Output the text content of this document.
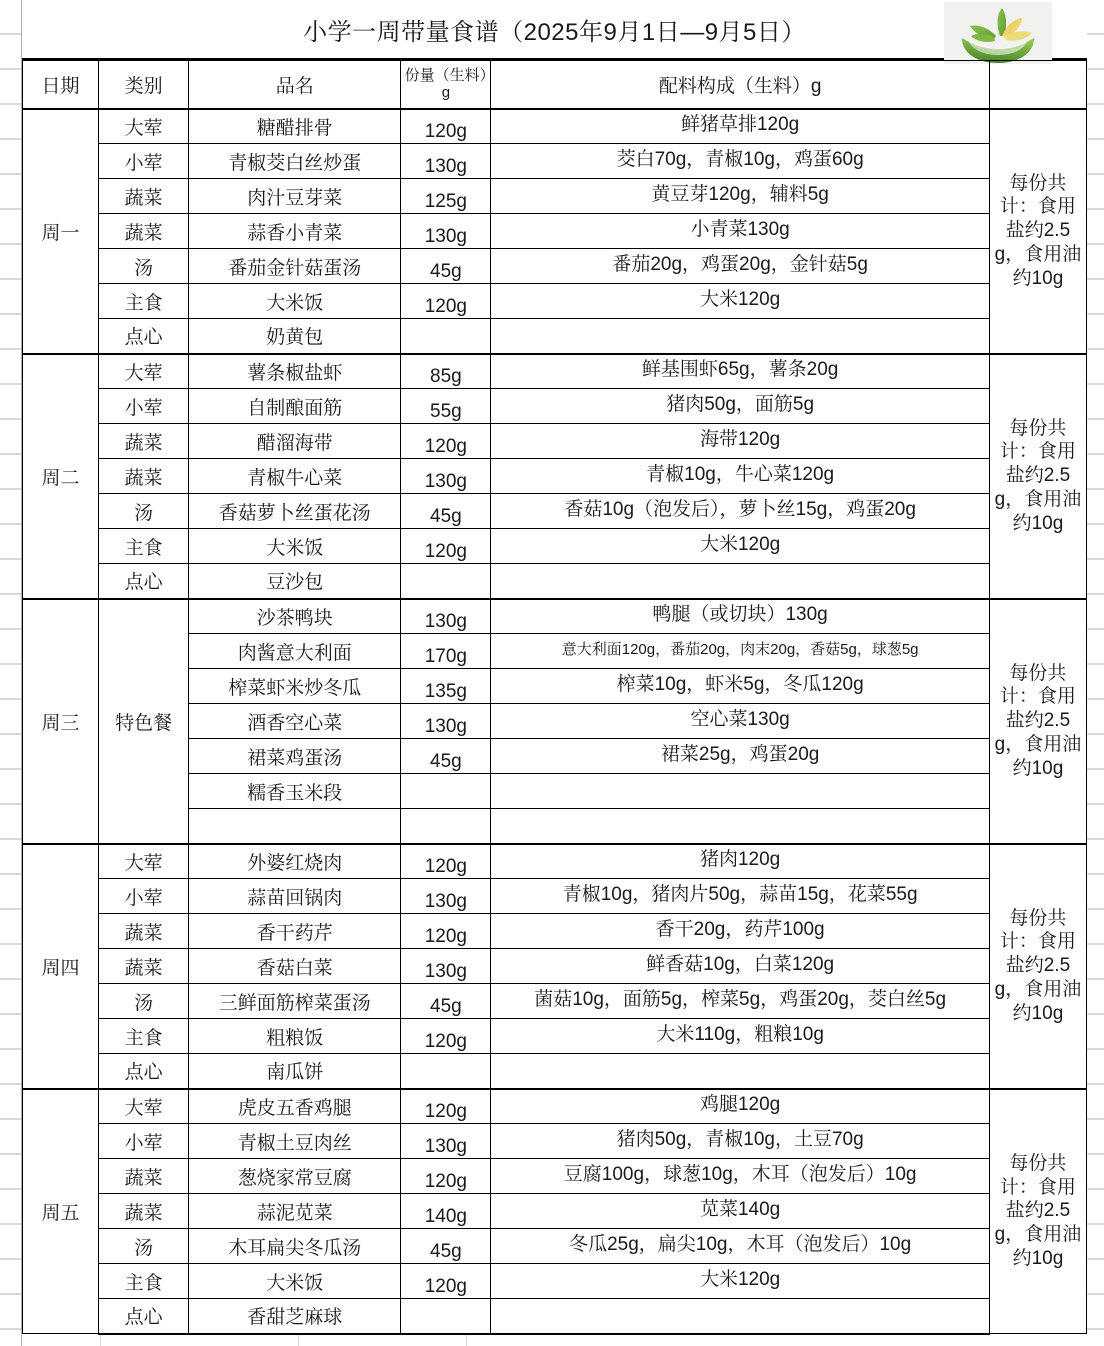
小学一周带量食谱（2025年9月1日—9月5日）
日期	类别	品名	份量（生料）g	配料构成（生料）g	
周一	大荤	糖醋排骨	120g	鲜猪草排120g	每份共计：食用盐约2.5g，食用油约10g
	小荤	青椒茭白丝炒蛋	130g	茭白70g，青椒10g，鸡蛋60g	
	蔬菜	肉汁豆芽菜	125g	黄豆芽120g，辅料5g	
	蔬菜	蒜香小青菜	130g	小青菜130g	
	汤	番茄金针菇蛋汤	45g	番茄20g，鸡蛋20g，金针菇5g	
	主食	大米饭	120g	大米120g	
	点心	奶黄包			
周二	大荤	薯条椒盐虾	85g	鲜基围虾65g，薯条20g	每份共计：食用盐约2.5g，食用油约10g
	小荤	自制酿面筋	55g	猪肉50g，面筋5g	
	蔬菜	醋溜海带	120g	海带120g	
	蔬菜	青椒牛心菜	130g	青椒10g，牛心菜120g	
	汤	香菇萝卜丝蛋花汤	45g	香菇10g（泡发后），萝卜丝15g，鸡蛋20g	
	主食	大米饭	120g	大米120g	
	点心	豆沙包			
周三	特色餐	沙茶鸭块	130g	鸭腿（或切块）130g	每份共计：食用盐约2.5g，食用油约10g
		肉酱意大利面	170g	意大利面120g，番茄20g，肉末20g，香菇5g，球葱5g	
		榨菜虾米炒冬瓜	135g	榨菜10g，虾米5g，冬瓜120g	
		酒香空心菜	130g	空心菜130g	
		裙菜鸡蛋汤	45g	裙菜25g，鸡蛋20g	
		糯香玉米段			

周四	大荤	外婆红烧肉	120g	猪肉120g	每份共计：食用盐约2.5g，食用油约10g
	小荤	蒜苗回锅肉	130g	青椒10g，猪肉片50g，蒜苗15g，花菜55g	
	蔬菜	香干药芹	120g	香干20g，药芹100g	
	蔬菜	香菇白菜	130g	鲜香菇10g，白菜120g	
	汤	三鲜面筋榨菜蛋汤	45g	菌菇10g，面筋5g，榨菜5g，鸡蛋20g，茭白丝5g	
	主食	粗粮饭	120g	大米110g，粗粮10g	
	点心	南瓜饼			
周五	大荤	虎皮五香鸡腿	120g	鸡腿120g	每份共计：食用盐约2.5g，食用油约10g
	小荤	青椒土豆肉丝	130g	猪肉50g，青椒10g，土豆70g	
	蔬菜	葱烧家常豆腐	120g	豆腐100g，球葱10g，木耳（泡发后）10g	
	蔬菜	蒜泥苋菜	140g	苋菜140g	
	汤	木耳扁尖冬瓜汤	45g	冬瓜25g，扁尖10g，木耳（泡发后）10g	
	主食	大米饭	120g	大米120g	
	点心	香甜芝麻球			
